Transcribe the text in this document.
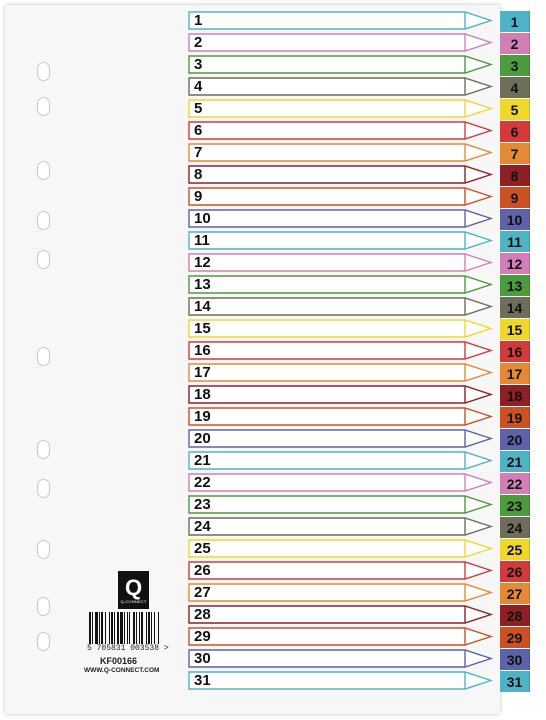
Q
Q-CONNECT
5 705831 003538 >
KF00166
WWW.Q-CONNECT.COM
1
2
3
4
5
6
7
8
9
10
11
12
13
14
15
16
17
18
19
20
21
22
23
24
25
26
27
28
29
30
31
1
2
3
4
5
6
7
8
9
10
11
12
13
14
15
16
17
18
19
20
21
22
23
24
25
26
27
28
29
30
31
